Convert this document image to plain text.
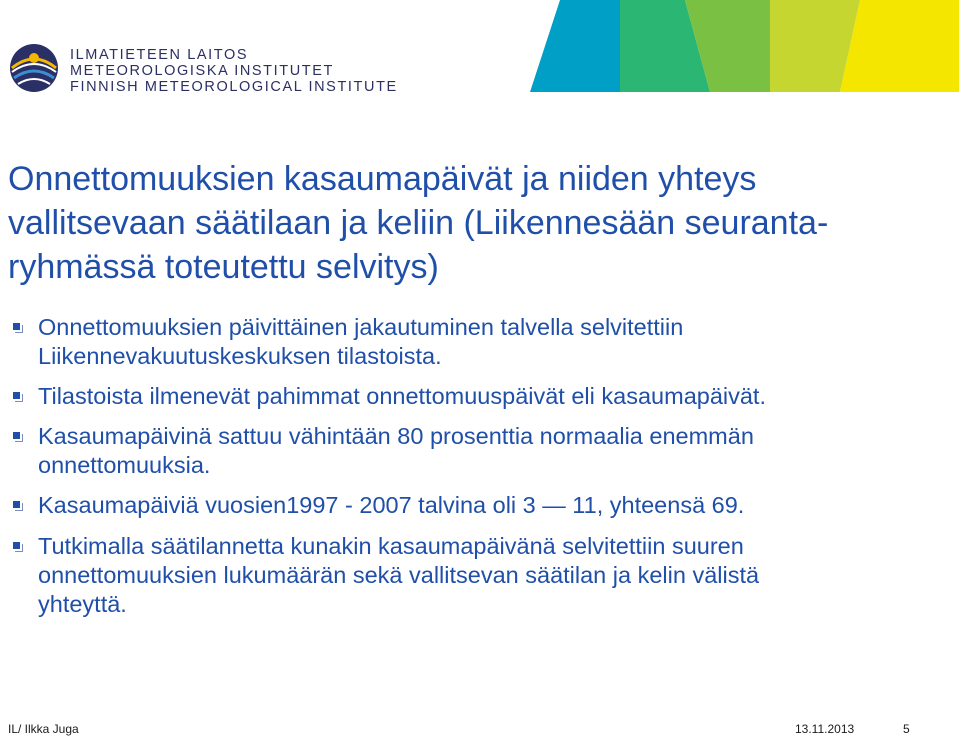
ILMATIETEEN LAITOS
METEOROLOGISKA INSTITUTET
FINNISH METEOROLOGICAL INSTITUTE
Onnettomuuksien kasaumapäivät ja niiden yhteys
vallitsevaan säätilaan ja keliin (Liikennesään seuranta-
ryhmässä toteutettu selvitys)
Onnettomuuksien päivittäinen jakautuminen talvella selvitettiin
Liikennevakuutuskeskuksen tilastoista.
Tilastoista ilmenevät pahimmat onnettomuuspäivät eli kasaumapäivät.
Kasaumapäivinä sattuu vähintään 80 prosenttia normaalia enemmän
onnettomuuksia.
Kasaumapäiviä vuosien1997 - 2007 talvina oli 3 — 11, yhteensä 69.
Tutkimalla säätilannetta kunakin kasaumapäivänä selvitettiin suuren
onnettomuuksien lukumäärän sekä vallitsevan säätilan ja kelin välistä
yhteyttä.
IL/ Ilkka Juga	13.11.2013	5
